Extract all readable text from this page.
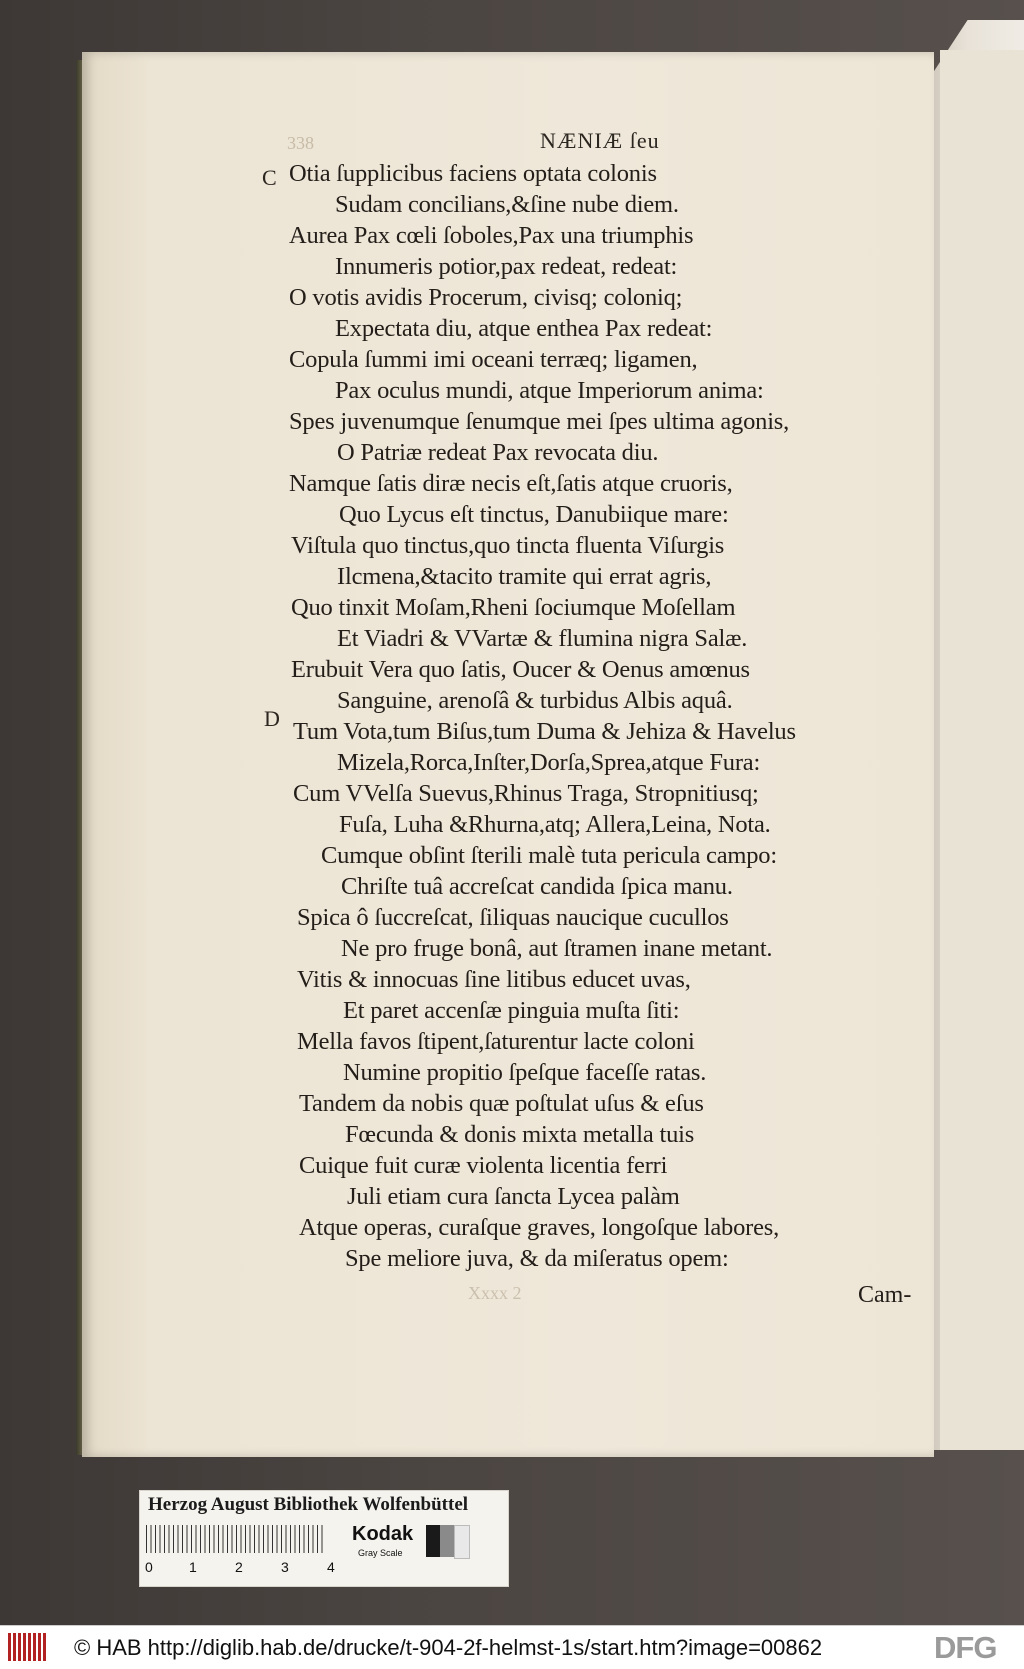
338	NÆNIÆ ſeu
C
D
Otia ſupplicibus faciens optata colonis
Sudam concilians,&ſine nube diem.
Aurea Pax cœli ſoboles,Pax una triumphis
Innumeris potior,pax redeat, redeat:
O votis avidis Procerum, civisq; coloniq;
Expectata diu, atque enthea Pax redeat:
Copula ſummi imi oceani terræq; ligamen,
Pax oculus mundi, atque Imperiorum anima:
Spes juvenumque ſenumque mei ſpes ultima agonis,
O Patriæ redeat Pax revocata diu.
Namque ſatis diræ necis eſt,ſatis atque cruoris,
Quo Lycus eſt tinctus, Danubiique mare:
Viſtula quo tinctus,quo tincta fluenta Viſurgis
Ilcmena,&tacito tramite qui errat agris,
Quo tinxit Moſam,Rheni ſociumque Moſellam
Et Viadri & VVartæ & flumina nigra Salæ.
Erubuit Vera quo ſatis, Oucer & Oenus amœnus
Sanguine, arenoſâ & turbidus Albis aquâ.
Tum Vota,tum Biſus,tum Duma & Jehiza & Havelus
Mizela,Rorca,Inſter,Dorſa,Sprea,atque Fura:
Cum VVelſa Suevus,Rhinus Traga, Stropnitiusq;
Fuſa, Luha &Rhurna,atq; Allera,Leina, Nota.
Cumque obſint ſterili malè tuta pericula campo:
Chriſte tuâ accreſcat candida ſpica manu.
Spica ô ſuccreſcat, ſiliquas naucique cucullos
Ne pro fruge bonâ, aut ſtramen inane metant.
Vitis & innocuas ſine litibus educet uvas,
Et paret accenſæ pinguia muſta ſiti:
Mella favos ſtipent,ſaturentur lacte coloni
Numine propitio ſpeſque faceſſe ratas.
Tandem da nobis quæ poſtulat uſus & eſus
Fœcunda & donis mixta metalla tuis
Cuique fuit curæ violenta licentia ferri
Juli etiam cura ſancta Lycea palàm
Atque operas, curaſque graves, longoſque labores,
Spe meliore juva, & da miſeratus opem:
Xxxx 2	Cam-
Herzog August Bibliothek Wolfenbüttel
0	1	2	3	4
Kodak
Gray Scale
© HAB http://diglib.hab.de/drucke/t-904-2f-helmst-1s/start.htm?image=00862	DFG
